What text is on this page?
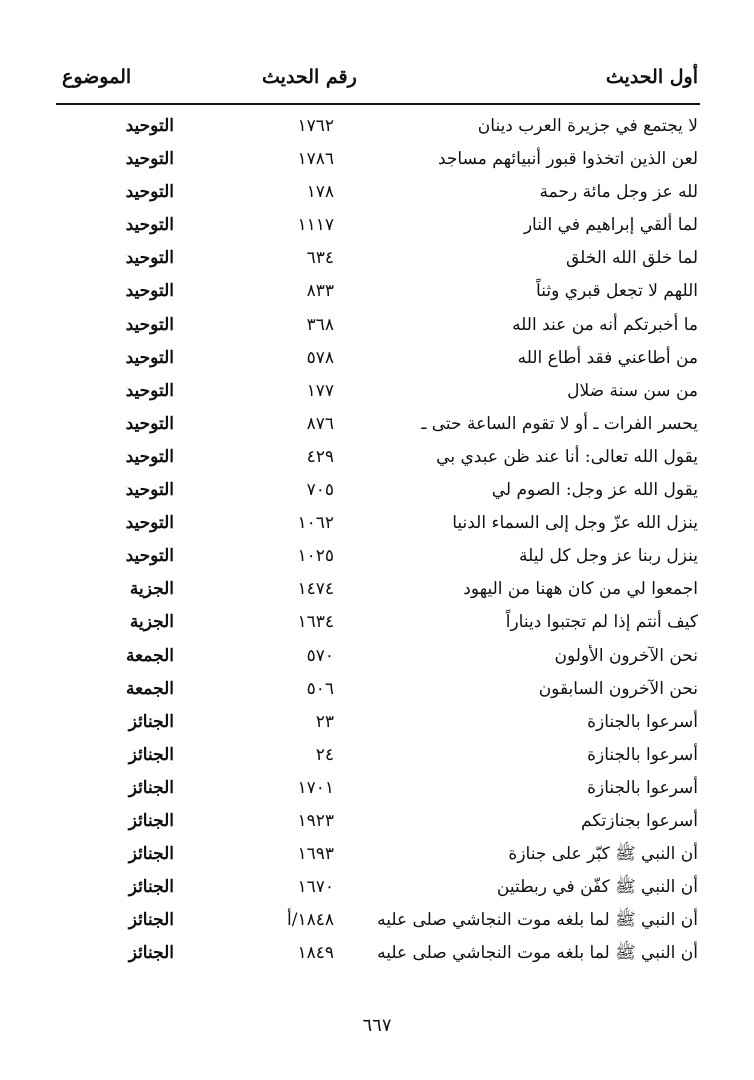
أول الحديث
رقم الحديث
الموضوع
لا يجتمع في جزيرة العرب دينان
١٧٦٢
التوحيد
لعن الذين اتخذوا قبور أنبيائهم مساجد
١٧٨٦
التوحيد
لله عز وجل مائة رحمة
١٧٨
التوحيد
لما ألقي إبراهيم في النار
١١١٧
التوحيد
لما خلق الله الخلق
٦٣٤
التوحيد
اللهم لا تجعل قبري وثناً
٨٣٣
التوحيد
ما أخبرتكم أنه من عند الله
٣٦٨
التوحيد
من أطاعني فقد أطاع الله
٥٧٨
التوحيد
من سن سنة ضلال
١٧٧
التوحيد
يحسر الفرات ـ أو لا تقوم الساعة حتى ـ
٨٧٦
التوحيد
يقول الله تعالى: أنا عند ظن عبدي بي
٤٢٩
التوحيد
يقول الله عز وجل: الصوم لي
٧٠٥
التوحيد
ينزل الله عزّ وجل إلى السماء الدنيا
١٠٦٢
التوحيد
ينزل ربنا عز وجل كل ليلة
١٠٢٥
التوحيد
اجمعوا لي من كان ههنا من اليهود
١٤٧٤
الجزية
كيف أنتم إذا لم تجتبوا ديناراً
١٦٣٤
الجزية
نحن الآخرون الأولون
٥٧٠
الجمعة
نحن الآخرون السابقون
٥٠٦
الجمعة
أسرعوا بالجنازة
٢٣
الجنائز
أسرعوا بالجنازة
٢٤
الجنائز
أسرعوا بالجنازة
١٧٠١
الجنائز
أسرعوا بجنازتكم
١٩٢٣
الجنائز
أن النبي ﷺ كبّر على جنازة
١٦٩٣
الجنائز
أن النبي ﷺ كفّن في ربطتين
١٦٧٠
الجنائز
أن النبي ﷺ لما بلغه موت النجاشي صلى عليه
١٨٤٨/أ
الجنائز
أن النبي ﷺ لما بلغه موت النجاشي صلى عليه
١٨٤٩
الجنائز
٦٦٧
